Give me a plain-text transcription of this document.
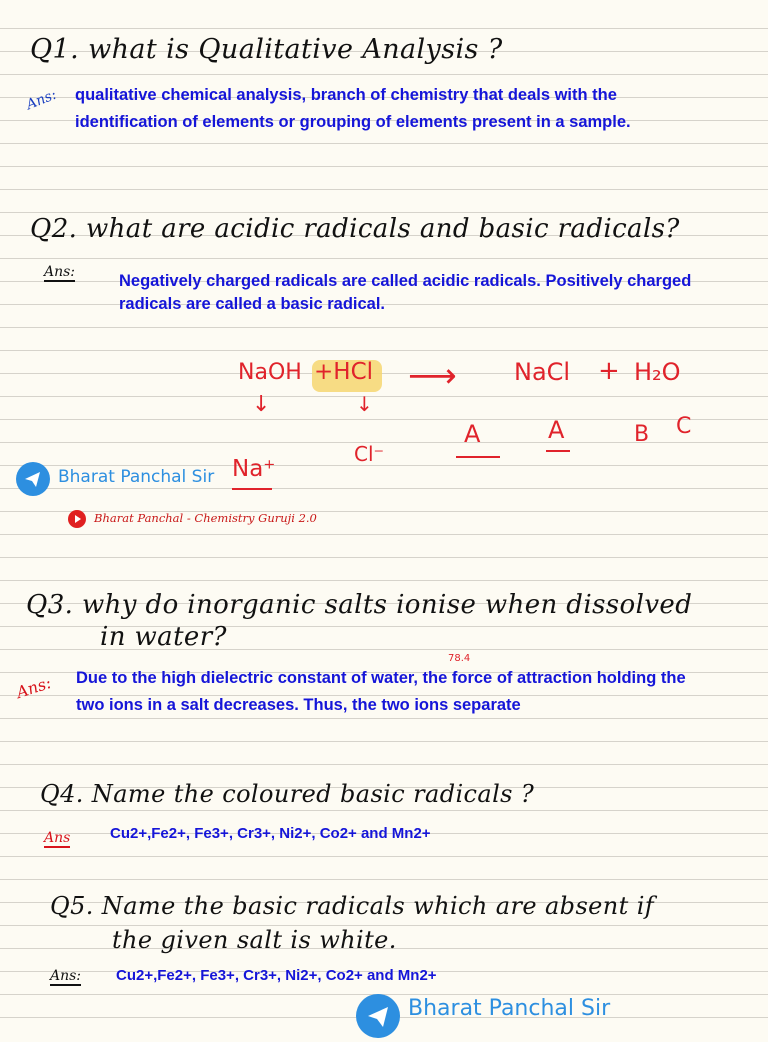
Q1. what is Qualitative Analysis ?
Ans: qualitative chemical analysis, branch of chemistry that deals with the identification of elements or grouping of elements present in a sample.
Q2. what are acidic radicals and basic radicals?
Ans:	Negatively charged radicals are called acidic radicals. Positively charged radicals are called a basic radical.
NaOH +HCl ⟶ NaCl + H₂O
↓	↓
A	A	B C
Na⁺
Cl⁻
Bharat Panchal Sir
Bharat Panchal - Chemistry Guruji 2.0
Q3. why do inorganic salts ionise when dissolved
in water?
78.4
Ans: Due to the high dielectric constant of water, the force of attraction holding the two ions in a salt decreases. Thus, the two ions separate
Q4. Name the coloured basic radicals ?
Ans	Cu2+,Fe2+, Fe3+, Cr3+, Ni2+, Co2+ and Mn2+
Q5. Name the basic radicals which are absent if
the given salt is white.
Ans: Cu2+,Fe2+, Fe3+, Cr3+, Ni2+, Co2+ and Mn2+
Bharat Panchal Sir
